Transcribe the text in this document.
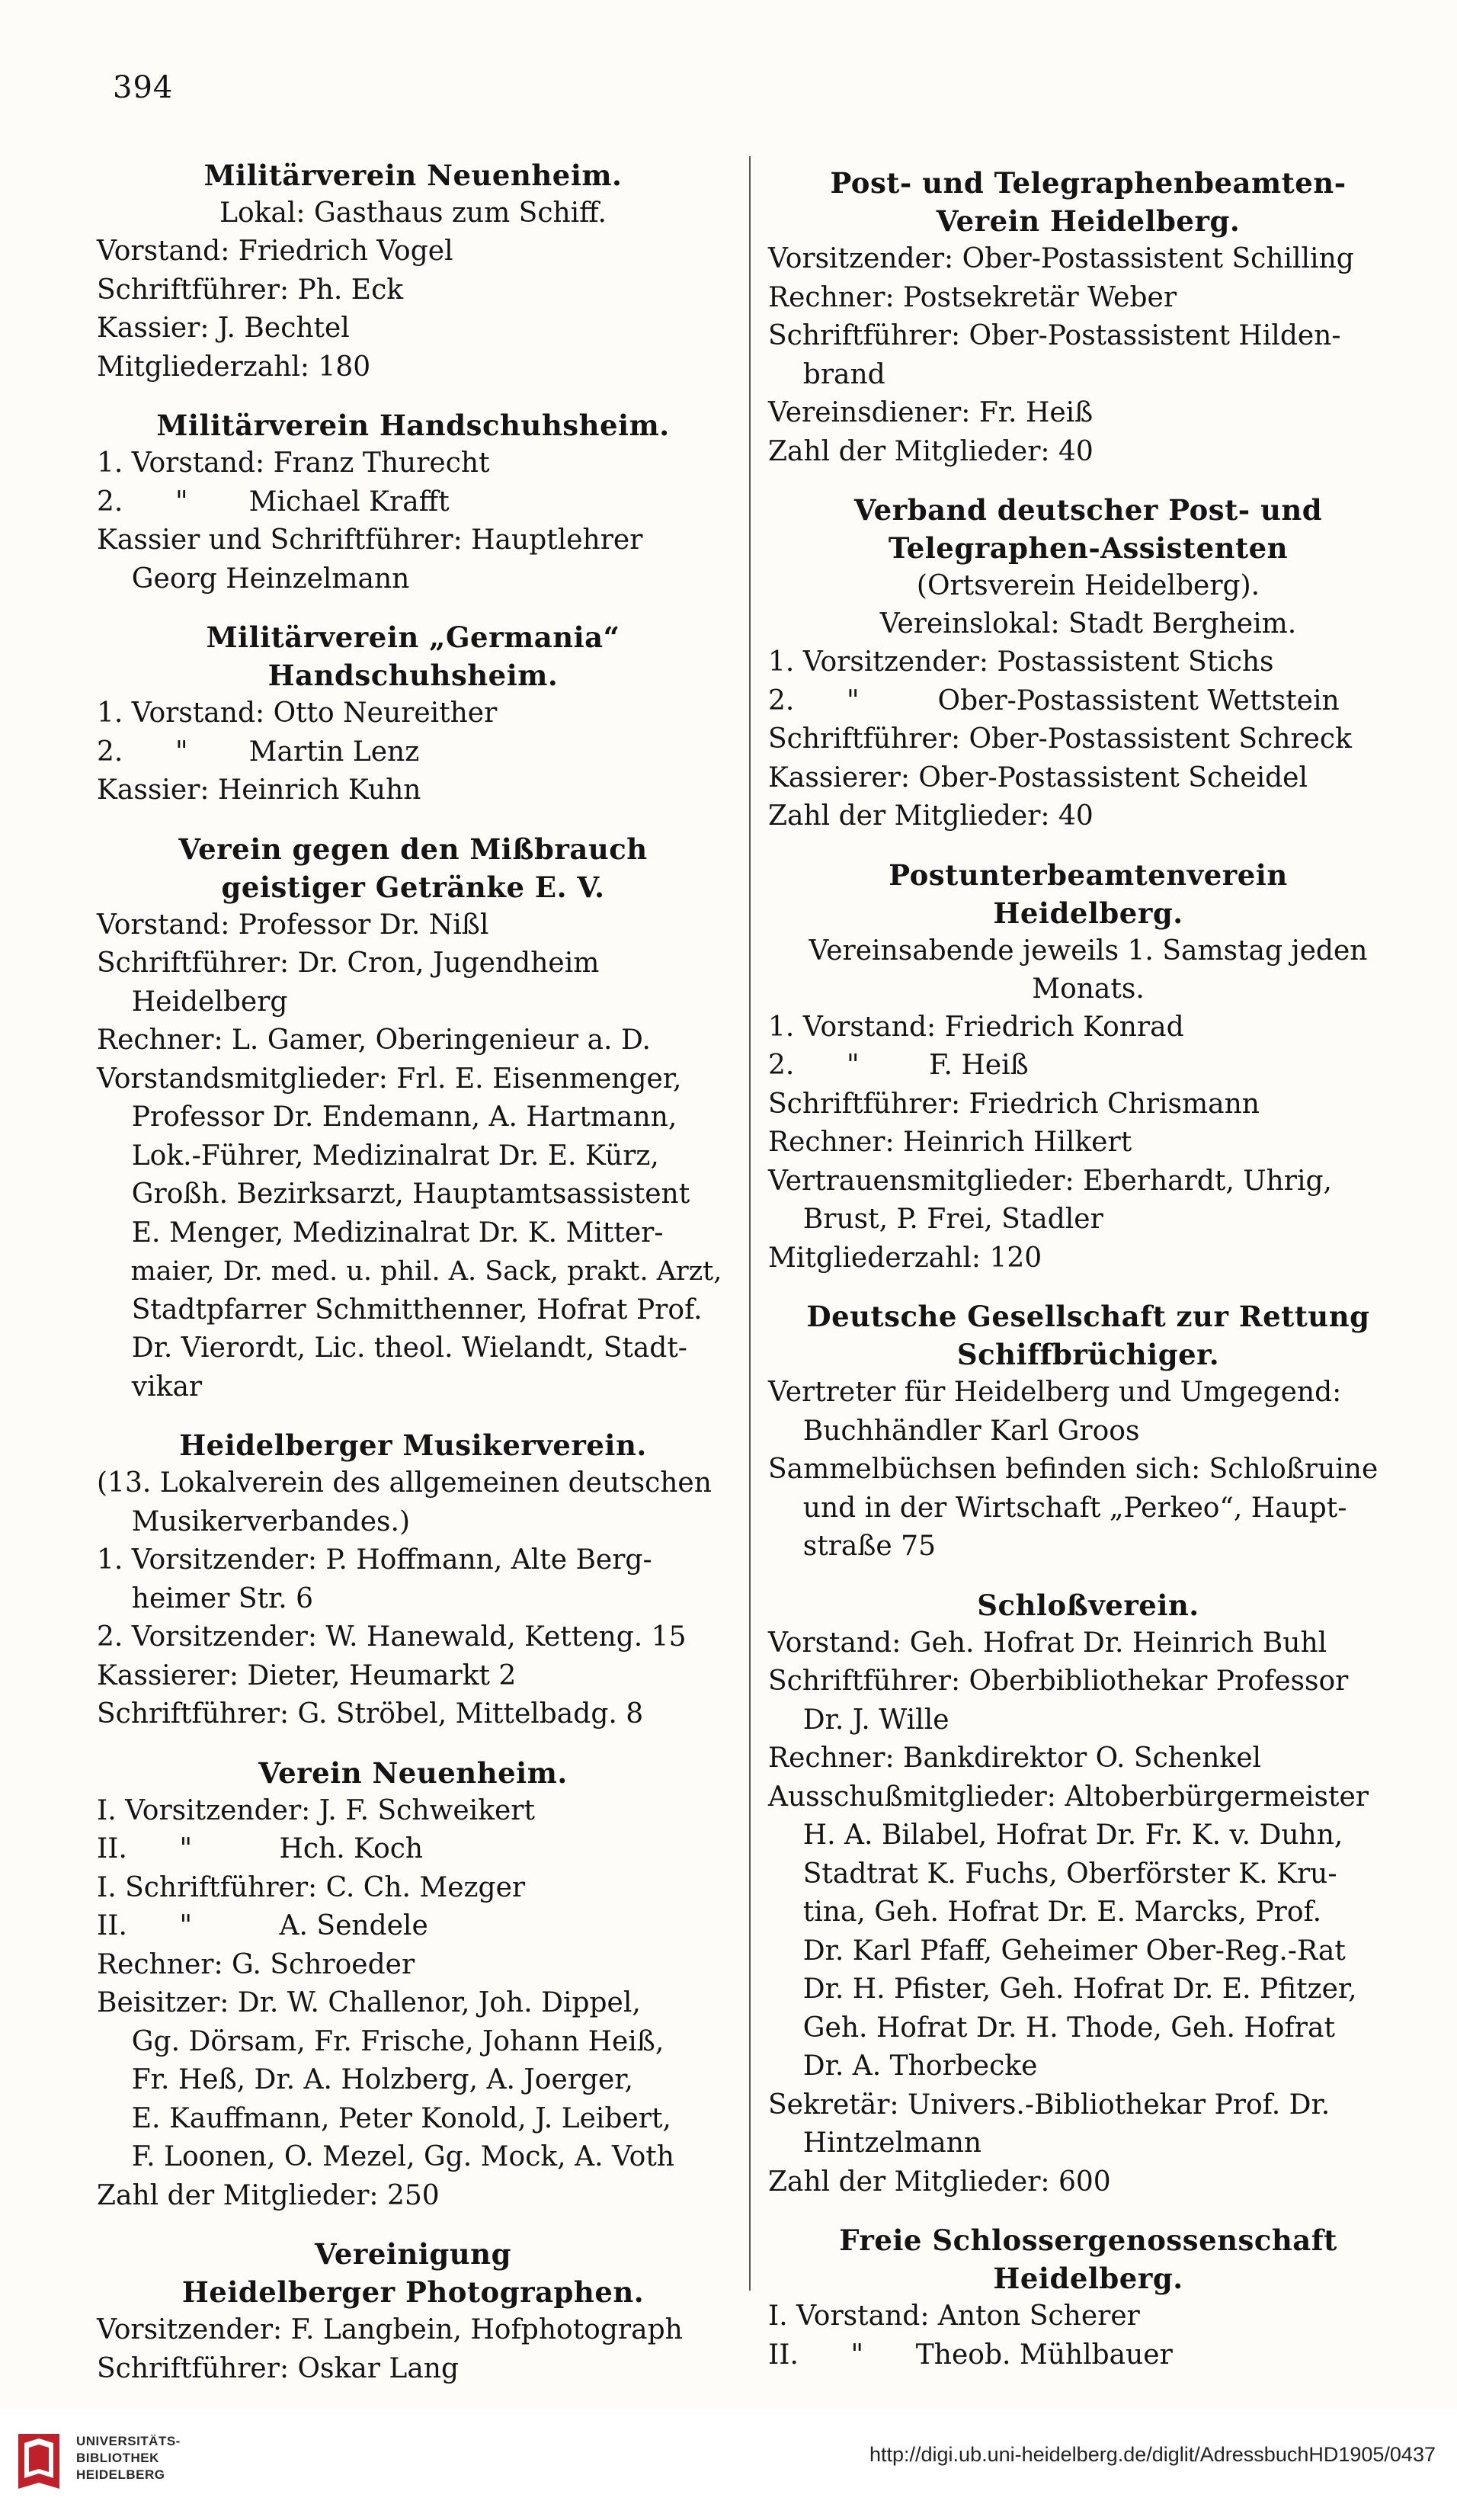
394
Militärverein Neuenheim.
Lokal: Gasthaus zum Schiff.
Vorstand: Friedrich Vogel
Schriftführer: Ph. Eck
Kassier: J. Bechtel
Mitgliederzahl: 180
Militärverein Handschuhsheim.
1. Vorstand: Franz Thurecht
2.      "       Michael Krafft
Kassier und Schriftführer: Hauptlehrer
Georg Heinzelmann
Militärverein „Germania“
Handschuhsheim.
1. Vorstand: Otto Neureither
2.      "       Martin Lenz
Kassier: Heinrich Kuhn
Verein gegen den Mißbrauch
geistiger Getränke E. V.
Vorstand: Professor Dr. Nißl
Schriftführer: Dr. Cron, Jugendheim
Heidelberg
Rechner: L. Gamer, Oberingenieur a. D.
Vorstandsmitglieder: Frl. E. Eisenmenger,
Professor Dr. Endemann, A. Hartmann,
Lok.-Führer, Medizinalrat Dr. E. Kürz,
Großh. Bezirksarzt, Hauptamtsassistent
E. Menger, Medizinalrat Dr. K. Mitter-
maier, Dr. med. u. phil. A. Sack, prakt. Arzt,
Stadtpfarrer Schmitthenner, Hofrat Prof.
Dr. Vierordt, Lic. theol. Wielandt, Stadt-
vikar
Heidelberger Musikerverein.
(13. Lokalverein des allgemeinen deutschen
Musikerverbandes.)
1. Vorsitzender: P. Hoffmann, Alte Berg-
heimer Str. 6
2. Vorsitzender: W. Hanewald, Ketteng. 15
Kassierer: Dieter, Heumarkt 2
Schriftführer: G. Ströbel, Mittelbadg. 8
Verein Neuenheim.
I. Vorsitzender: J. F. Schweikert
II.      "          Hch. Koch
I. Schriftführer: C. Ch. Mezger
II.      "          A. Sendele
Rechner: G. Schroeder
Beisitzer: Dr. W. Challenor, Joh. Dippel,
Gg. Dörsam, Fr. Frische, Johann Heiß,
Fr. Heß, Dr. A. Holzberg, A. Joerger,
E. Kauffmann, Peter Konold, J. Leibert,
F. Loonen, O. Mezel, Gg. Mock, A. Voth
Zahl der Mitglieder: 250
Vereinigung
Heidelberger Photographen.
Vorsitzender: F. Langbein, Hofphotograph
Schriftführer: Oskar Lang
Post- und Telegraphenbeamten-
Verein Heidelberg.
Vorsitzender: Ober-Postassistent Schilling
Rechner: Postsekretär Weber
Schriftführer: Ober-Postassistent Hilden-
brand
Vereinsdiener: Fr. Heiß
Zahl der Mitglieder: 40
Verband deutscher Post- und
Telegraphen-Assistenten
(Ortsverein Heidelberg).
Vereinslokal: Stadt Bergheim.
1. Vorsitzender: Postassistent Stichs
2.      "         Ober-Postassistent Wettstein
Schriftführer: Ober-Postassistent Schreck
Kassierer: Ober-Postassistent Scheidel
Zahl der Mitglieder: 40
Postunterbeamtenverein
Heidelberg.
Vereinsabende jeweils 1. Samstag jeden
Monats.
1. Vorstand: Friedrich Konrad
2.      "        F. Heiß
Schriftführer: Friedrich Chrismann
Rechner: Heinrich Hilkert
Vertrauensmitglieder: Eberhardt, Uhrig,
Brust, P. Frei, Stadler
Mitgliederzahl: 120
Deutsche Gesellschaft zur Rettung
Schiffbrüchiger.
Vertreter für Heidelberg und Umgegend:
Buchhändler Karl Groos
Sammelbüchsen befinden sich: Schloßruine
und in der Wirtschaft „Perkeo“, Haupt-
straße 75
Schloßverein.
Vorstand: Geh. Hofrat Dr. Heinrich Buhl
Schriftführer: Oberbibliothekar Professor
Dr. J. Wille
Rechner: Bankdirektor O. Schenkel
Ausschußmitglieder: Altoberbürgermeister
H. A. Bilabel, Hofrat Dr. Fr. K. v. Duhn,
Stadtrat K. Fuchs, Oberförster K. Kru-
tina, Geh. Hofrat Dr. E. Marcks, Prof.
Dr. Karl Pfaff, Geheimer Ober-Reg.-Rat
Dr. H. Pfister, Geh. Hofrat Dr. E. Pfitzer,
Geh. Hofrat Dr. H. Thode, Geh. Hofrat
Dr. A. Thorbecke
Sekretär: Univers.-Bibliothekar Prof. Dr.
Hintzelmann
Zahl der Mitglieder: 600
Freie Schlossergenossenschaft
Heidelberg.
I. Vorstand: Anton Scherer
II.      "      Theob. Mühlbauer
UNIVERSITÄTS-
BIBLIOTHEK
HEIDELBERG
http://digi.ub.uni-heidelberg.de/diglit/AdressbuchHD1905/0437
